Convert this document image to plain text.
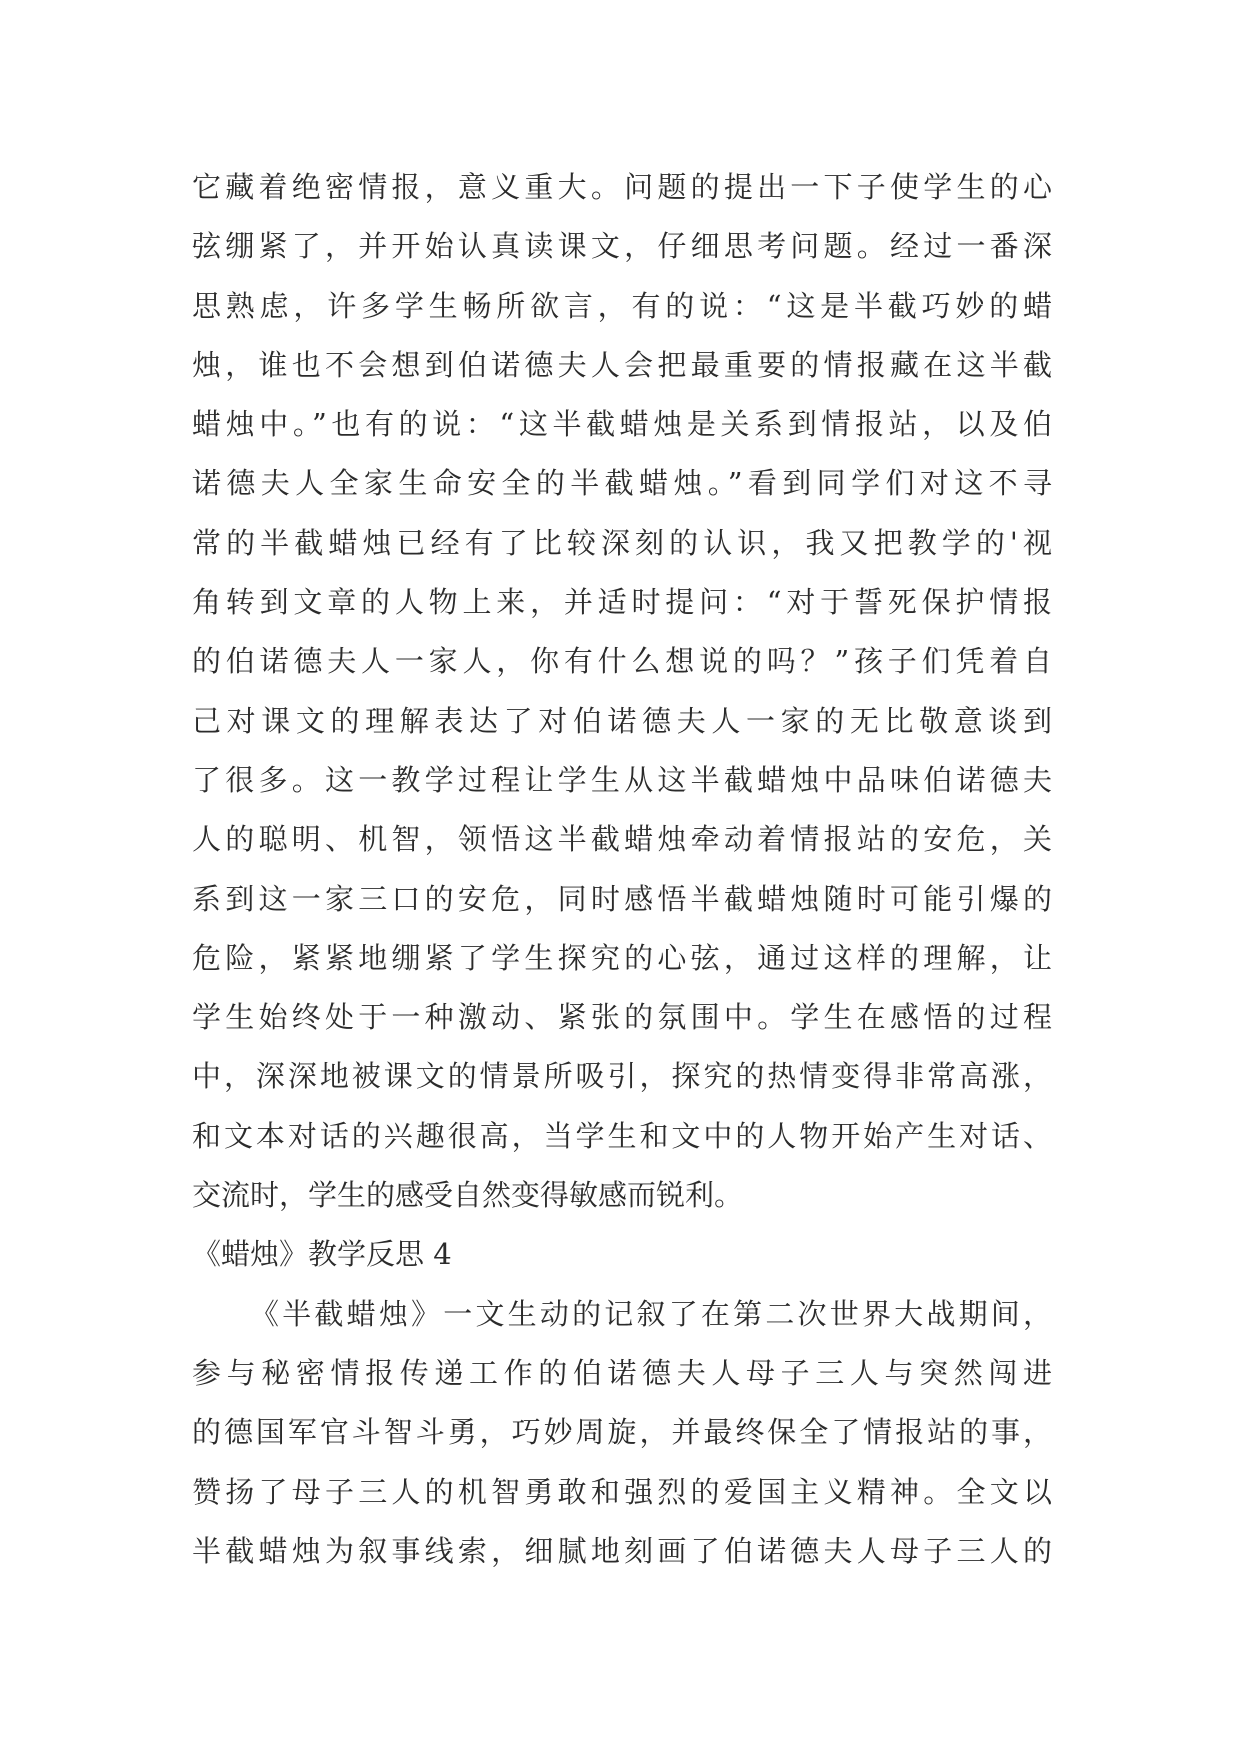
它藏着绝密情报，意义重大。问题的提出一下子使学生的心
弦绷紧了，并开始认真读课文，仔细思考问题。经过一番深
思熟虑，许多学生畅所欲言，有的说：“这是半截巧妙的蜡
烛，谁也不会想到伯诺德夫人会把最重要的情报藏在这半截
蜡烛中。”也有的说：“这半截蜡烛是关系到情报站，以及伯
诺德夫人全家生命安全的半截蜡烛。”看到同学们对这不寻
常的半截蜡烛已经有了比较深刻的认识，我又把教学的'视
角转到文章的人物上来，并适时提问：“对于誓死保护情报
的伯诺德夫人一家人，你有什么想说的吗？”孩子们凭着自
己对课文的理解表达了对伯诺德夫人一家的无比敬意谈到
了很多。这一教学过程让学生从这半截蜡烛中品味伯诺德夫
人的聪明、机智，领悟这半截蜡烛牵动着情报站的安危，关
系到这一家三口的安危，同时感悟半截蜡烛随时可能引爆的
危险，紧紧地绷紧了学生探究的心弦，通过这样的理解，让
学生始终处于一种激动、紧张的氛围中。学生在感悟的过程
中，深深地被课文的情景所吸引，探究的热情变得非常高涨，
和文本对话的兴趣很高，当学生和文中的人物开始产生对话、
交流时，学生的感受自然变得敏感而锐利。
《蜡烛》教学反思 4
《半截蜡烛》一文生动的记叙了在第二次世界大战期间，
参与秘密情报传递工作的伯诺德夫人母子三人与突然闯进
的德国军官斗智斗勇，巧妙周旋，并最终保全了情报站的事，
赞扬了母子三人的机智勇敢和强烈的爱国主义精神。全文以
半截蜡烛为叙事线索，细腻地刻画了伯诺德夫人母子三人的
